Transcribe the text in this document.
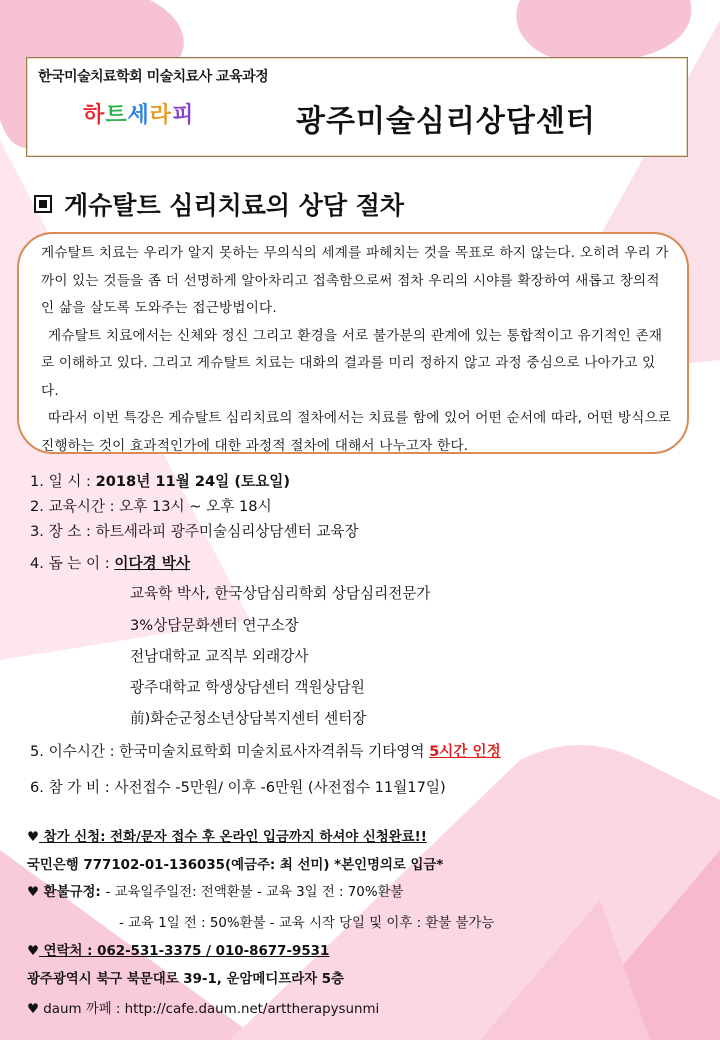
한국미술치료학회 미술치료사 교육과정
하트세라피	광주미술심리상담센터
게슈탈트 심리치료의 상담 절차

게슈탈트 치료는 우리가 알지 못하는 무의식의 세계를 파헤치는 것을 목표로 하지 않는다. 오히려 우리 가까이 있는 것들을 좀 더 선명하게 알아차리고 접촉함으로써 점차 우리의 시야를 확장하여 새롭고 창의적인 삶을 살도록 도와주는 접근방법이다.

게슈탈트 치료에서는 신체와 정신 그리고 환경을 서로 불가분의 관계에 있는 통합적이고 유기적인 존재로 이해하고 있다. 그리고 게슈탈트 치료는 대화의 결과를 미리 정하지 않고 과정 중심으로 나아가고 있다.

따라서 이번 특강은 게슈탈트 심리치료의 절차에서는 치료를 함에 있어 어떤 순서에 따라, 어떤 방식으로 진행하는 것이 효과적인가에 대한 과정적 절차에 대해서 나누고자 한다.

1. 일 시 : 2018년 11월 24일 (토요일)
2. 교육시간 : 오후 13시 ~ 오후 18시
3. 장 소 : 하트세라피 광주미술심리상담센터 교육장
4. 돕 는 이 : 이다경 박사
교육학 박사, 한국상담심리학회 상담심리전문가
3%상담문화센터 연구소장
전남대학교 교직부 외래강사
광주대학교 학생상담센터 객원상담원
前)화순군청소년상담복지센터 센터장
5. 이수시간 : 한국미술치료학회 미술치료사자격취득 기타영역 5시간 인정
6. 참 가 비 : 사전접수 -5만원/ 이후 -6만원 (사전접수 11월17일)
♥ 참가 신청: 전화/문자 접수 후 온라인 입금까지 하셔야 신청완료!!
국민은행 777102-01-136035(예금주: 최 선미) *본인명의로 입금*
♥ 환불규정: - 교육일주일전: 전액환불 - 교육 3일 전 : 70%환불
- 교육 1일 전 : 50%환불 - 교육 시작 당일 및 이후 : 환불 불가능
♥ 연락처 : 062-531-3375 / 010-8677-9531
광주광역시 북구 북문대로 39-1, 운암메디프라자 5층
♥ daum 까페 : http://cafe.daum.net/arttherapysunmi
